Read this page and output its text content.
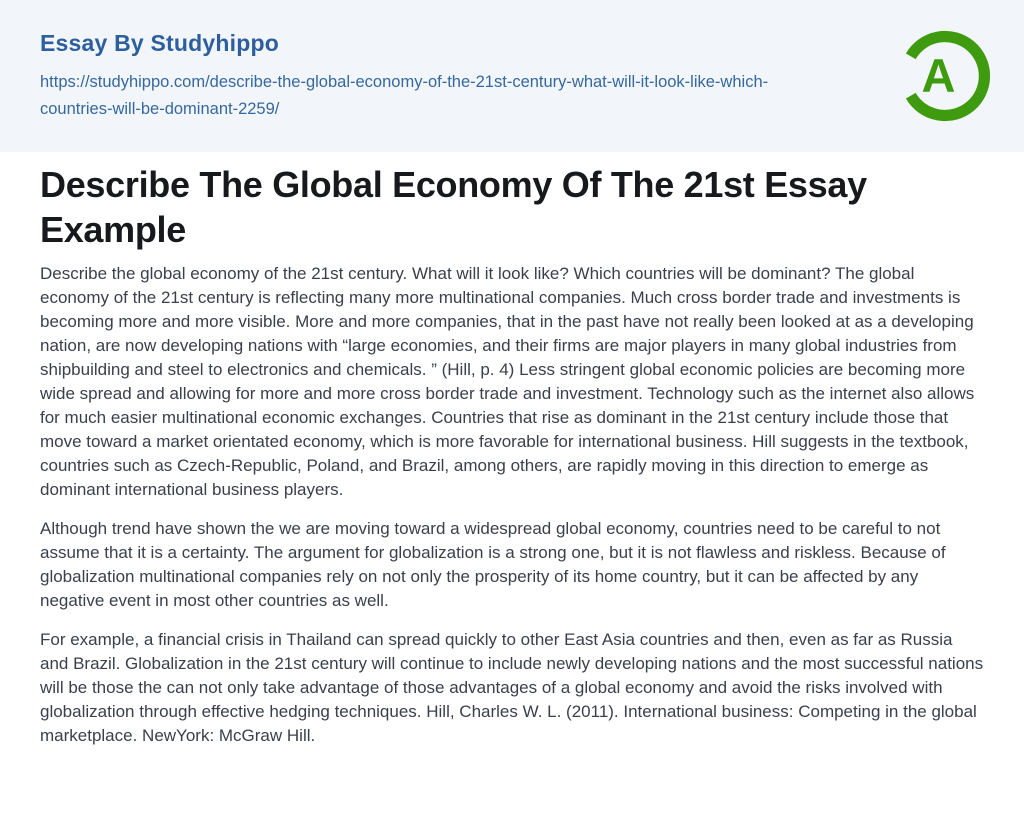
Essay By Studyhippo
https://studyhippo.com/describe-the-global-economy-of-the-21st-century-what-will-it-look-like-which-countries-will-be-dominant-2259/
A
Describe The Global Economy Of The 21st Essay Example

Describe the global economy of the 21st century. What will it look like? Which countries will be dominant? The global economy of the 21st century is reflecting many more multinational companies. Much cross border trade and investments is becoming more and more visible. More and more companies, that in the past have not really been looked at as a developing nation, are now developing nations with “large economies, and their firms are major players in many global industries from shipbuilding and steel to electronics and chemicals. ” (Hill, p. 4) Less stringent global economic policies are becoming more wide spread and allowing for more and more cross border trade and investment. Technology such as the internet also allows for much easier multinational economic exchanges. Countries that rise as dominant in the 21st century include those that move toward a market orientated economy, which is more favorable for international business. Hill suggests in the textbook, countries such as Czech-Republic, Poland, and Brazil, among others, are rapidly moving in this direction to emerge as dominant international business players.

Although trend have shown the we are moving toward a widespread global economy, countries need to be careful to not assume that it is a certainty. The argument for globalization is a strong one, but it is not flawless and riskless. Because of globalization multinational companies rely on not only the prosperity of its home country, but it can be affected by any negative event in most other countries as well.

For example, a financial crisis in Thailand can spread quickly to other East Asia countries and then, even as far as Russia and Brazil. Globalization in the 21st century will continue to include newly developing nations and the most successful nations will be those the can not only take advantage of those advantages of a global economy and avoid the risks involved with globalization through effective hedging techniques. Hill, Charles W. L. (2011). International business: Competing in the global marketplace. NewYork: McGraw Hill.
